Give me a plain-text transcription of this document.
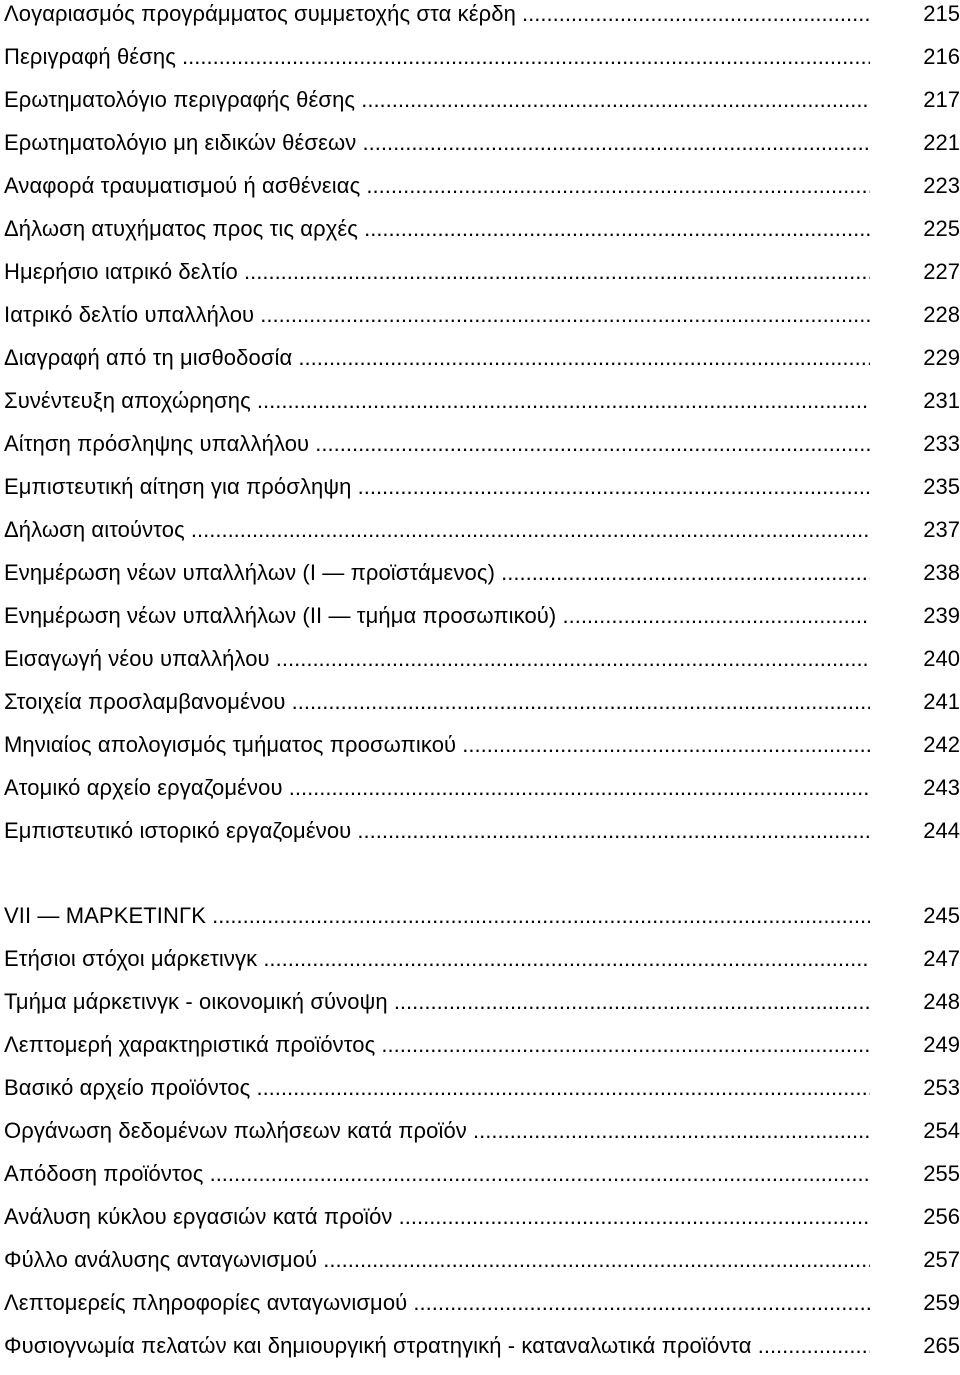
Λογαριασμός προγράμματος συμμετοχής στα κέρδη .....	215
Περιγραφή θέσης .....	216
Ερωτηματολόγιο περιγραφής θέσης .....	217
Ερωτηματολόγιο μη ειδικών θέσεων .....	221
Αναφορά τραυματισμού ή ασθένειας .....	223
Δήλωση ατυχήματος προς τις αρχές .....	225
Ημερήσιο ιατρικό δελτίο .....	227
Ιατρικό δελτίο υπαλλήλου .....	228
Διαγραφή από τη μισθοδοσία .....	229
Συνέντευξη αποχώρησης .....	231
Αίτηση πρόσληψης υπαλλήλου .....	233
Εμπιστευτική αίτηση για πρόσληψη .....	235
Δήλωση αιτούντος .....	237
Ενημέρωση νέων υπαλλήλων (Ι — προϊστάμενος) .....	238
Ενημέρωση νέων υπαλλήλων (ΙΙ — τμήμα προσωπικού) .....	239
Εισαγωγή νέου υπαλλήλου .....	240
Στοιχεία προσλαμβανομένου .....	241
Μηνιαίος απολογισμός τμήματος προσωπικού .....	242
Ατομικό αρχείο εργαζομένου .....	243
Εμπιστευτικό ιστορικό εργαζομένου .....	244
VII — ΜΑΡΚΕΤΙΝΓΚ .....	245
Ετήσιοι στόχοι μάρκετινγκ .....	247
Τμήμα μάρκετινγκ - οικονομική σύνοψη .....	248
Λεπτομερή χαρακτηριστικά προϊόντος .....	249
Βασικό αρχείο προϊόντος .....	253
Οργάνωση δεδομένων πωλήσεων κατά προϊόν .....	254
Απόδοση προϊόντος .....	255
Ανάλυση κύκλου εργασιών κατά προϊόν .....	256
Φύλλο ανάλυσης ανταγωνισμού .....	257
Λεπτομερείς πληροφορίες ανταγωνισμού .....	259
Φυσιογνωμία πελατών και δημιουργική στρατηγική - καταναλωτικά προϊόντα .....	265
